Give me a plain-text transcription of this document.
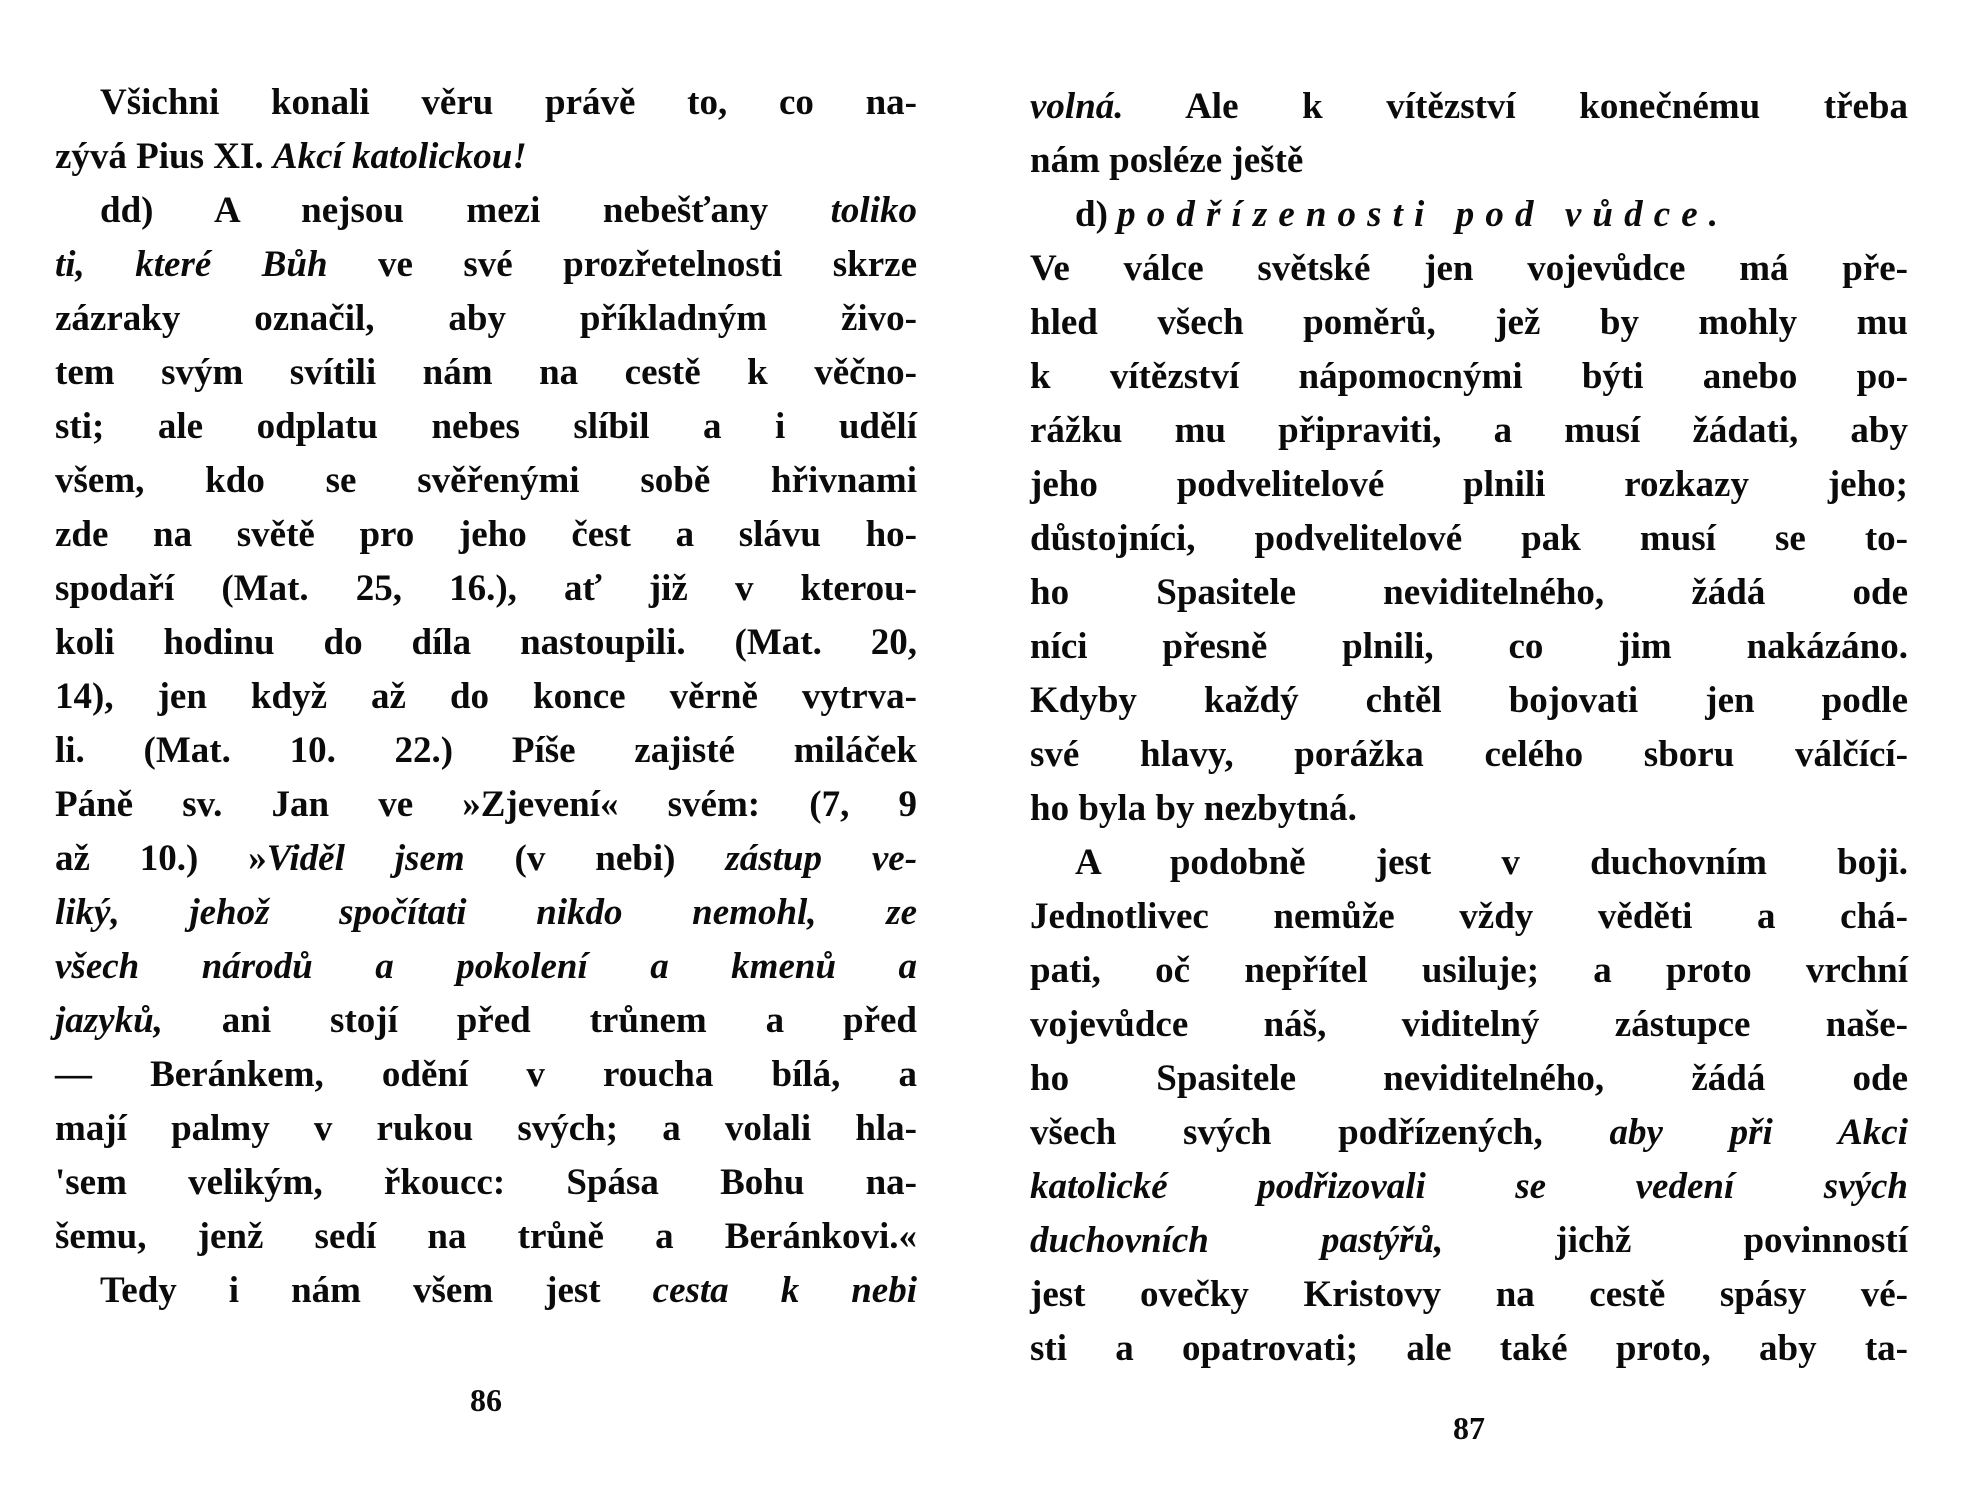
Všichni konali věru právě to, co na-
zývá Pius XI. Akcí katolickou!
dd) A nejsou mezi nebešťany toliko
ti, které Bůh ve své prozřetelnosti skrze
zázraky označil, aby příkladným živo-
tem svým svítili nám na cestě k věčno-
sti; ale odplatu nebes slíbil a i udělí
všem, kdo se svěřenými sobě hřivnami
zde na světě pro jeho čest a slávu ho-
spodaří (Mat. 25, 16.), ať již v kterou-
koli hodinu do díla nastoupili. (Mat. 20,
14), jen když až do konce věrně vytrva-
li. (Mat. 10. 22.) Píše zajisté miláček
Páně sv. Jan ve »Zjevení« svém: (7, 9
až 10.) »Viděl jsem (v nebi) zástup ve-
liký, jehož spočítati nikdo nemohl, ze
všech národů a pokolení a kmenů a
jazyků, ani stojí před trůnem a před
— Beránkem, odění v roucha bílá, a
mají palmy v rukou svých; a volali hla-
'sem velikým, řkoucc: Spása Bohu na-
šemu, jenž sedí na trůně a Beránkovi.«
Tedy i nám všem jest cesta k nebi
volná. Ale k vítězství konečnému třeba
nám posléze ještě
d) podřízenosti pod vůdce.
Ve válce světské jen vojevůdce má pře-
hled všech poměrů, jež by mohly mu
k vítězství nápomocnými býti anebo po-
rážku mu připraviti, a musí žádati, aby
jeho podvelitelové plnili rozkazy jeho;
důstojníci, podvelitelové pak musí se to-
ho Spasitele neviditelného, žádá ode
níci přesně plnili, co jim nakázáno.
Kdyby každý chtěl bojovati jen podle
své hlavy, porážka celého sboru válčící-
ho byla by nezbytná.
A podobně jest v duchovním boji.
Jednotlivec nemůže vždy věděti a chá-
pati, oč nepřítel usiluje; a proto vrchní
vojevůdce náš, viditelný zástupce naše-
ho Spasitele neviditelného, žádá ode
všech svých podřízených, aby při Akci
katolické podřizovali se vedení svých
duchovních pastýřů, jichž povinností
jest ovečky Kristovy na cestě spásy vé-
sti a opatrovati; ale také proto, aby ta-
86
87
